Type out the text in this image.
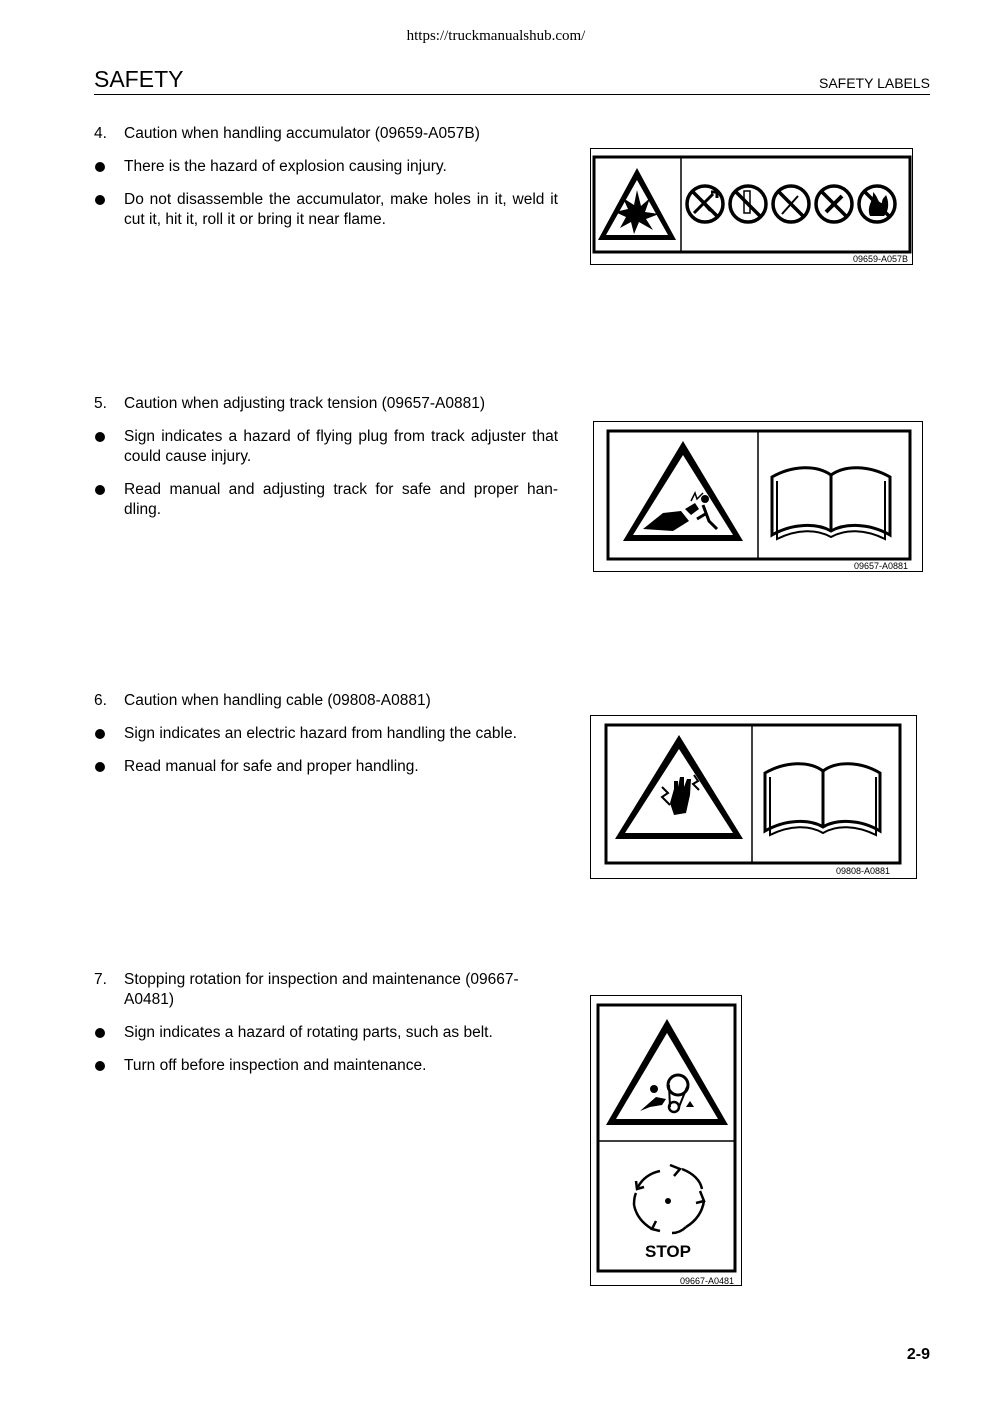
https://truckmanualshub.com/
SAFETY	SAFETY LABELS
4.	Caution when handling accumulator (09659-A057B)
There is the hazard of explosion causing injury.
Do not disassemble the accumulator, make holes in it, weld it cut it, hit it, roll it or bring it near flame.
09659-A057B
5.	Caution when adjusting track tension (09657-A0881)
Sign indicates a hazard of flying plug from track adjuster that could cause injury.
Read manual and adjusting track for safe and proper han-dling.
09657-A0881
6.	Caution when handling cable (09808-A0881)
Sign indicates an electric hazard from handling the cable.
Read manual for safe and proper handling.
09808-A0881
7.	Stopping rotation for inspection and maintenance (09667-A0481)
Sign indicates a hazard of rotating parts, such as belt.
Turn off before inspection and maintenance.
STOP
09667-A0481
2-9
